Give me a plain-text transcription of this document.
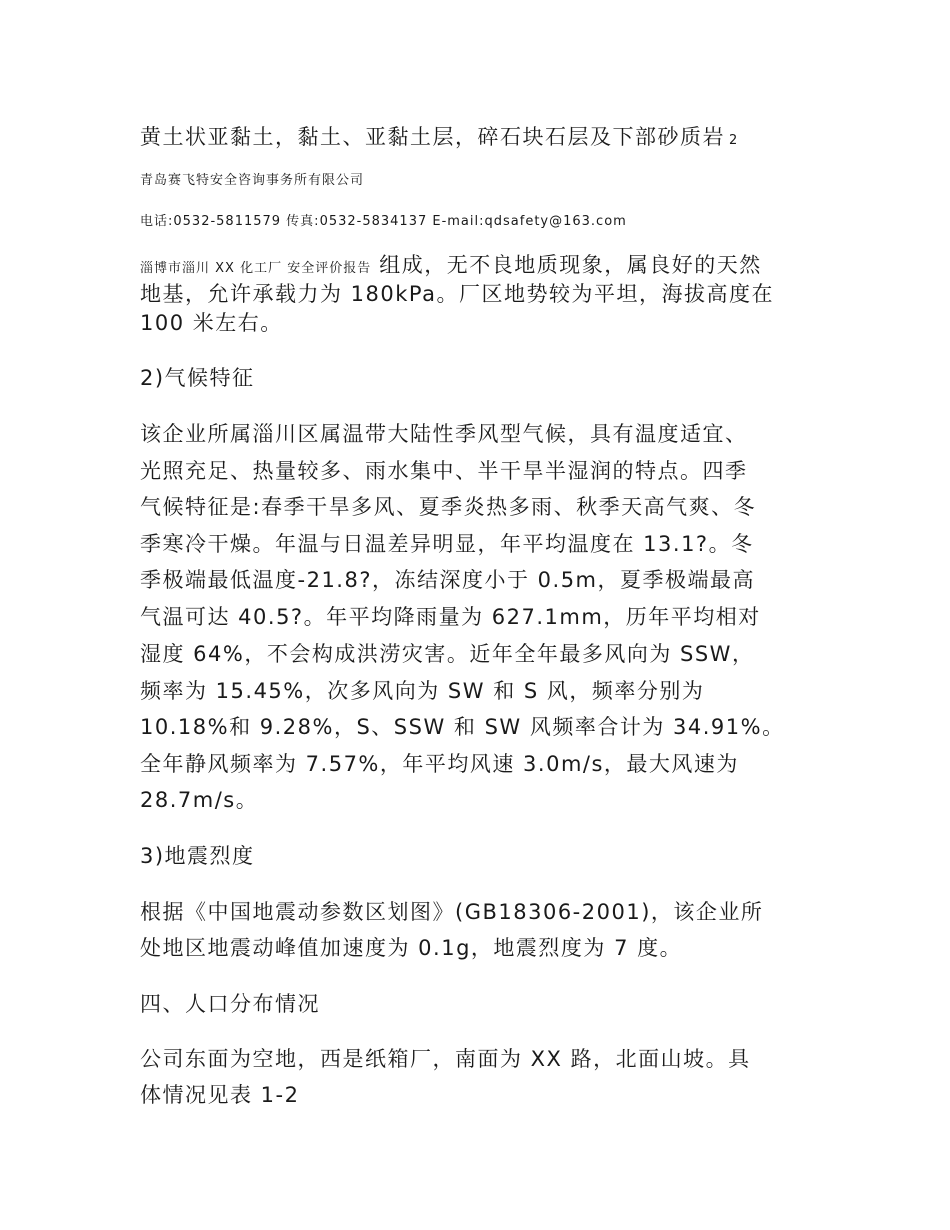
黄土状亚黏土，黏土、亚黏土层，碎石块石层及下部砂质岩 2
青岛赛飞特安全咨询事务所有限公司
电话:0532-5811579 传真:0532-5834137 E-mail:qdsafety@163.com
淄博市淄川 XX 化工厂 安全评价报告 组成，无不良地质现象，属良好的天然
地基，允许承载力为 180kPa。厂区地势较为平坦，海拔高度在
100 米左右。
2)气候特征
该企业所属淄川区属温带大陆性季风型气候，具有温度适宜、
光照充足、热量较多、雨水集中、半干旱半湿润的特点。四季
气候特征是:春季干旱多风、夏季炎热多雨、秋季天高气爽、冬
季寒冷干燥。年温与日温差异明显，年平均温度在 13.1?。冬
季极端最低温度-21.8?，冻结深度小于 0.5m，夏季极端最高
气温可达 40.5?。年平均降雨量为 627.1mm，历年平均相对
湿度 64%，不会构成洪涝灾害。近年全年最多风向为 SSW，
频率为 15.45%，次多风向为 SW 和 S 风，频率分别为
10.18%和 9.28%，S、SSW 和 SW 风频率合计为 34.91%。
全年静风频率为 7.57%，年平均风速 3.0m/s，最大风速为
28.7m/s。
3)地震烈度
根据《中国地震动参数区划图》(GB18306-2001)，该企业所
处地区地震动峰值加速度为 0.1g，地震烈度为 7 度。
四、人口分布情况
公司东面为空地，西是纸箱厂，南面为 XX 路，北面山坡。具
体情况见表 1-2
